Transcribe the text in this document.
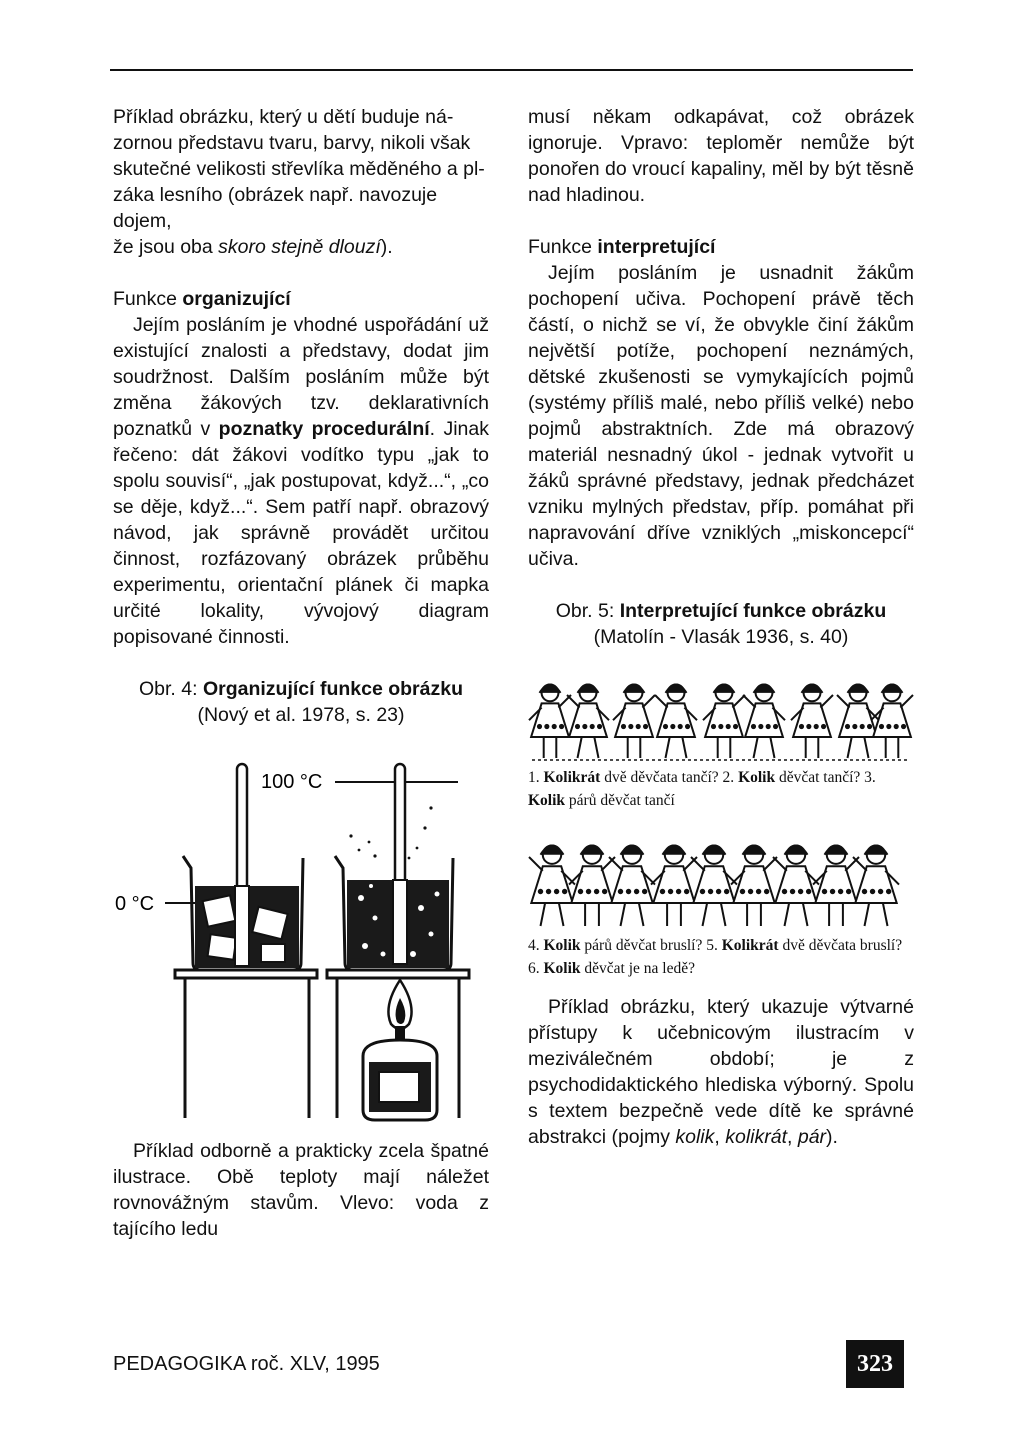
Příklad obrázku, který u dětí buduje ná-
zornou představu tvaru, barvy, nikoli však
skutečné velikosti střevlíka měděného a pl-
záka lesního (obrázek např. navozuje dojem,
že jsou oba skoro stejně dlouzí).

Funkce organizující

Jejím posláním je vhodné uspořádání už existující znalosti a představy, dodat jim soudržnost. Dalším posláním může být změna žákových tzv. deklarativních poznatků v poznatky procedurální. Jinak řečeno: dát žákovi vodítko typu „jak to spolu souvisí“, „jak postupovat, když...“, „co se děje, když...“. Sem patří např. obrazový návod, jak správně provádět určitou činnost, rozfázovaný obrázek průběhu experimentu, orientační plánek či mapka určité lokality, vývojový diagram popisované činnosti.

Obr. 4: Organizující funkce obrázku

(Nový et al. 1978, s. 23)

100 °C
0 °C

Příklad odborně a prakticky zcela špatné ilustrace. Obě teploty mají náležet rovnovážným stavům. Vlevo: voda z tajícího ledu

musí někam odkapávat, což obrázek ignoruje. Vpravo: teploměr nemůže být ponořen do vroucí kapaliny, měl by být těsně nad hladinou.

Funkce interpretující

Jejím posláním je usnadnit žákům pochopení učiva. Pochopení právě těch částí, o nichž se ví, že obvykle činí žákům největší potíže, pochopení neznámých, dětské zkušenosti se vymykajících pojmů (systémy příliš malé, nebo příliš velké) nebo pojmů abstraktních. Zde má obrazový materiál nesnadný úkol - jednak vytvořit u žáků správné představy, jednak předcházet vzniku mylných představ, příp. pomáhat při napravování dříve vzniklých „miskoncepcí“ učiva.

Obr. 5: Interpretující funkce obrázku

(Matolín - Vlasák 1936, s. 40)

1. Kolikrát dvě děvčata tančí? 2. Kolik děvčat tančí? 3. Kolik párů děvčat tančí

4. Kolik párů děvčat bruslí? 5. Kolikrát dvě děvčata bruslí? 6. Kolik děvčat je na ledě?

Příklad obrázku, který ukazuje výtvarné přístupy k učebnicovým ilustracím v meziválečném období; je z psychodidaktického hlediska výborný. Spolu s textem bezpečně vede dítě ke správné abstrakci (pojmy kolik, kolikrát, pár).

PEDAGOGIKA roč. XLV, 1995	323
